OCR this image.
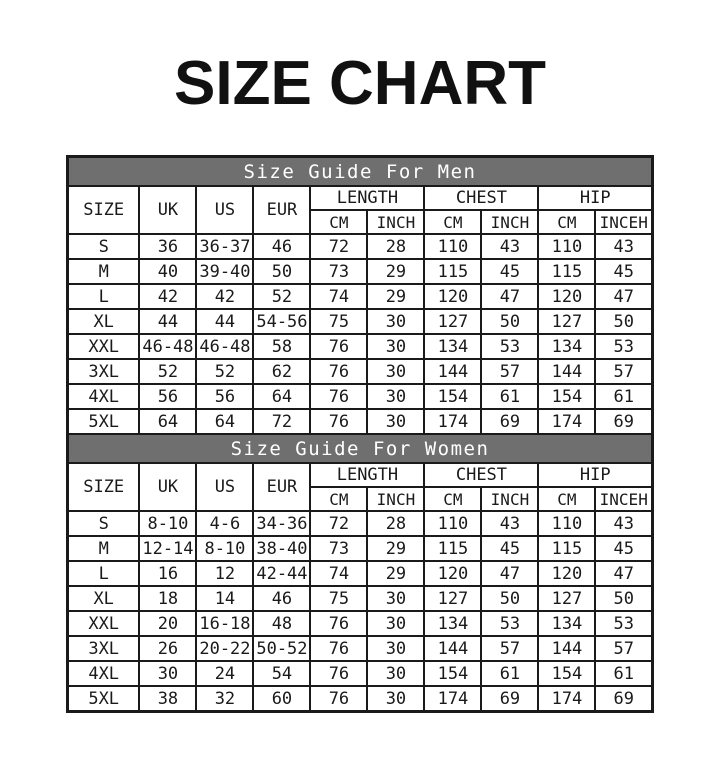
SIZE CHART
Size Guide For Men									
SIZE	UK	US	EUR	LENGTH		CHEST		HIP	
				CM	INCH	CM	INCH	CM	INCEH
S	36	36-37	46	72	28	110	43	110	43
M	40	39-40	50	73	29	115	45	115	45
L	42	42	52	74	29	120	47	120	47
XL	44	44	54-56	75	30	127	50	127	50
XXL	46-48	46-48	58	76	30	134	53	134	53
3XL	52	52	62	76	30	144	57	144	57
4XL	56	56	64	76	30	154	61	154	61
5XL	64	64	72	76	30	174	69	174	69
Size Guide For Women									
SIZE	UK	US	EUR	LENGTH		CHEST		HIP	
				CM	INCH	CM	INCH	CM	INCEH
S	8-10	4-6	34-36	72	28	110	43	110	43
M	12-14	8-10	38-40	73	29	115	45	115	45
L	16	12	42-44	74	29	120	47	120	47
XL	18	14	46	75	30	127	50	127	50
XXL	20	16-18	48	76	30	134	53	134	53
3XL	26	20-22	50-52	76	30	144	57	144	57
4XL	30	24	54	76	30	154	61	154	61
5XL	38	32	60	76	30	174	69	174	69
